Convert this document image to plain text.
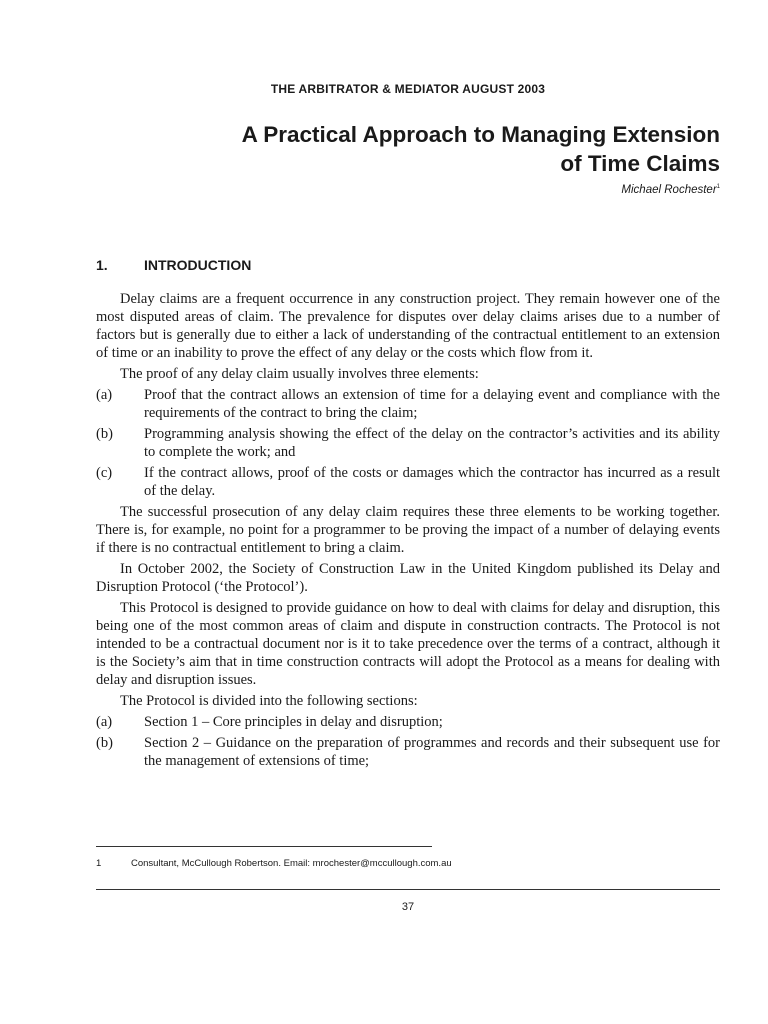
THE ARBITRATOR & MEDIATOR AUGUST 2003
A Practical Approach to Managing Extension
of Time Claims
Michael Rochester$^1$
1.	INTRODUCTION

Delay claims are a frequent occurrence in any construction project. They remain however one of the most disputed areas of claim. The prevalence for disputes over delay claims arises due to a number of factors but is generally due to either a lack of understanding of the contractual entitlement to an extension of time or an inability to prove the effect of any delay or the costs which flow from it.

The proof of any delay claim usually involves three elements:

(a)	Proof that the contract allows an extension of time for a delaying event and compliance with the requirements of the contract to bring the claim;
(b)	Programming analysis showing the effect of the delay on the contractor’s activities and its ability to complete the work; and
(c)	If the contract allows, proof of the costs or damages which the contractor has incurred as a result of the delay.

The successful prosecution of any delay claim requires these three elements to be working together. There is, for example, no point for a programmer to be proving the impact of a number of delaying events if there is no contractual entitlement to bring a claim.

In October 2002, the Society of Construction Law in the United Kingdom published its Delay and Disruption Protocol (‘the Protocol’).

This Protocol is designed to provide guidance on how to deal with claims for delay and disruption, this being one of the most common areas of claim and dispute in construction contracts. The Protocol is not intended to be a contractual document nor is it to take precedence over the terms of a contract, although it is the Society’s aim that in time construction contracts will adopt the Protocol as a means for dealing with delay and disruption issues.

The Protocol is divided into the following sections:

(a)	Section 1 – Core principles in delay and disruption;
(b)	Section 2 – Guidance on the preparation of programmes and records and their subsequent use for the management of extensions of time;
1	Consultant, McCullough Robertson. Email: mrochester@mccullough.com.au
37
